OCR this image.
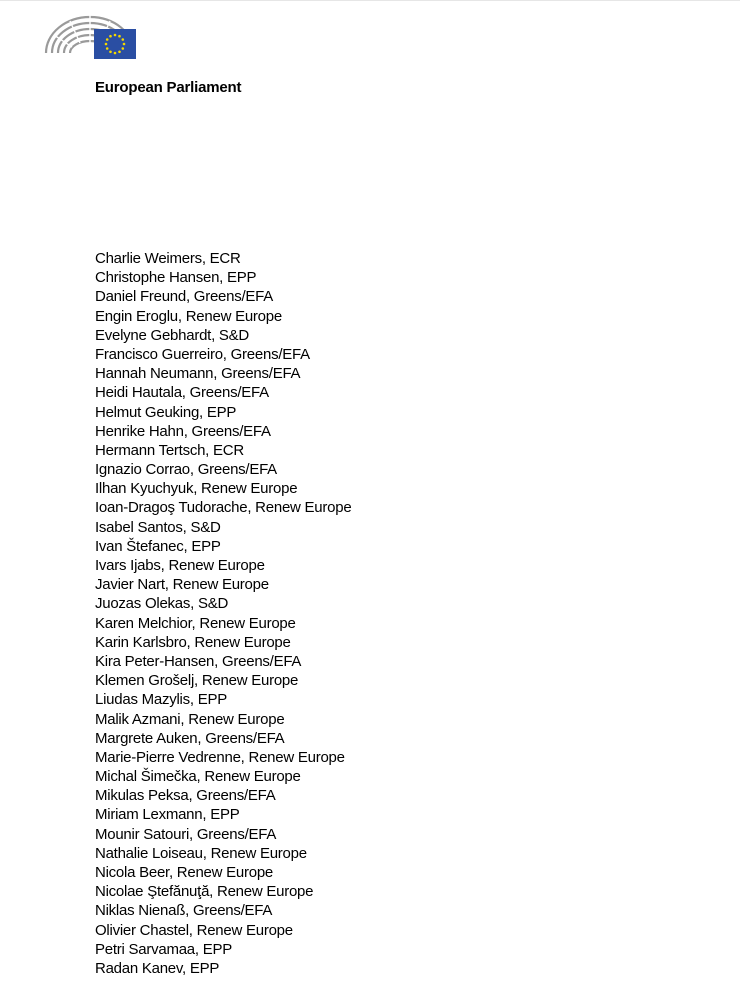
European Parliament
Charlie Weimers, ECR
Christophe Hansen, EPP
Daniel Freund, Greens/EFA
Engin Eroglu, Renew Europe
Evelyne Gebhardt, S&D
Francisco Guerreiro, Greens/EFA
Hannah Neumann, Greens/EFA
Heidi Hautala, Greens/EFA
Helmut Geuking, EPP
Henrike Hahn, Greens/EFA
Hermann Tertsch, ECR
Ignazio Corrao, Greens/EFA
Ilhan Kyuchyuk, Renew Europe
Ioan-Dragoş Tudorache, Renew Europe
Isabel Santos, S&D
Ivan Štefanec, EPP
Ivars Ijabs, Renew Europe
Javier Nart, Renew Europe
Juozas Olekas, S&D
Karen Melchior, Renew Europe
Karin Karlsbro, Renew Europe
Kira Peter-Hansen, Greens/EFA
Klemen Grošelj, Renew Europe
Liudas Mazylis, EPP
Malik Azmani, Renew Europe
Margrete Auken, Greens/EFA
Marie-Pierre Vedrenne, Renew Europe
Michal Šimečka, Renew Europe
Mikulas Peksa, Greens/EFA
Miriam Lexmann, EPP
Mounir Satouri, Greens/EFA
Nathalie Loiseau, Renew Europe
Nicola Beer, Renew Europe
Nicolae Ştefănuţă, Renew Europe
Niklas Nienaß, Greens/EFA
Olivier Chastel, Renew Europe
Petri Sarvamaa, EPP
Radan Kanev, EPP
